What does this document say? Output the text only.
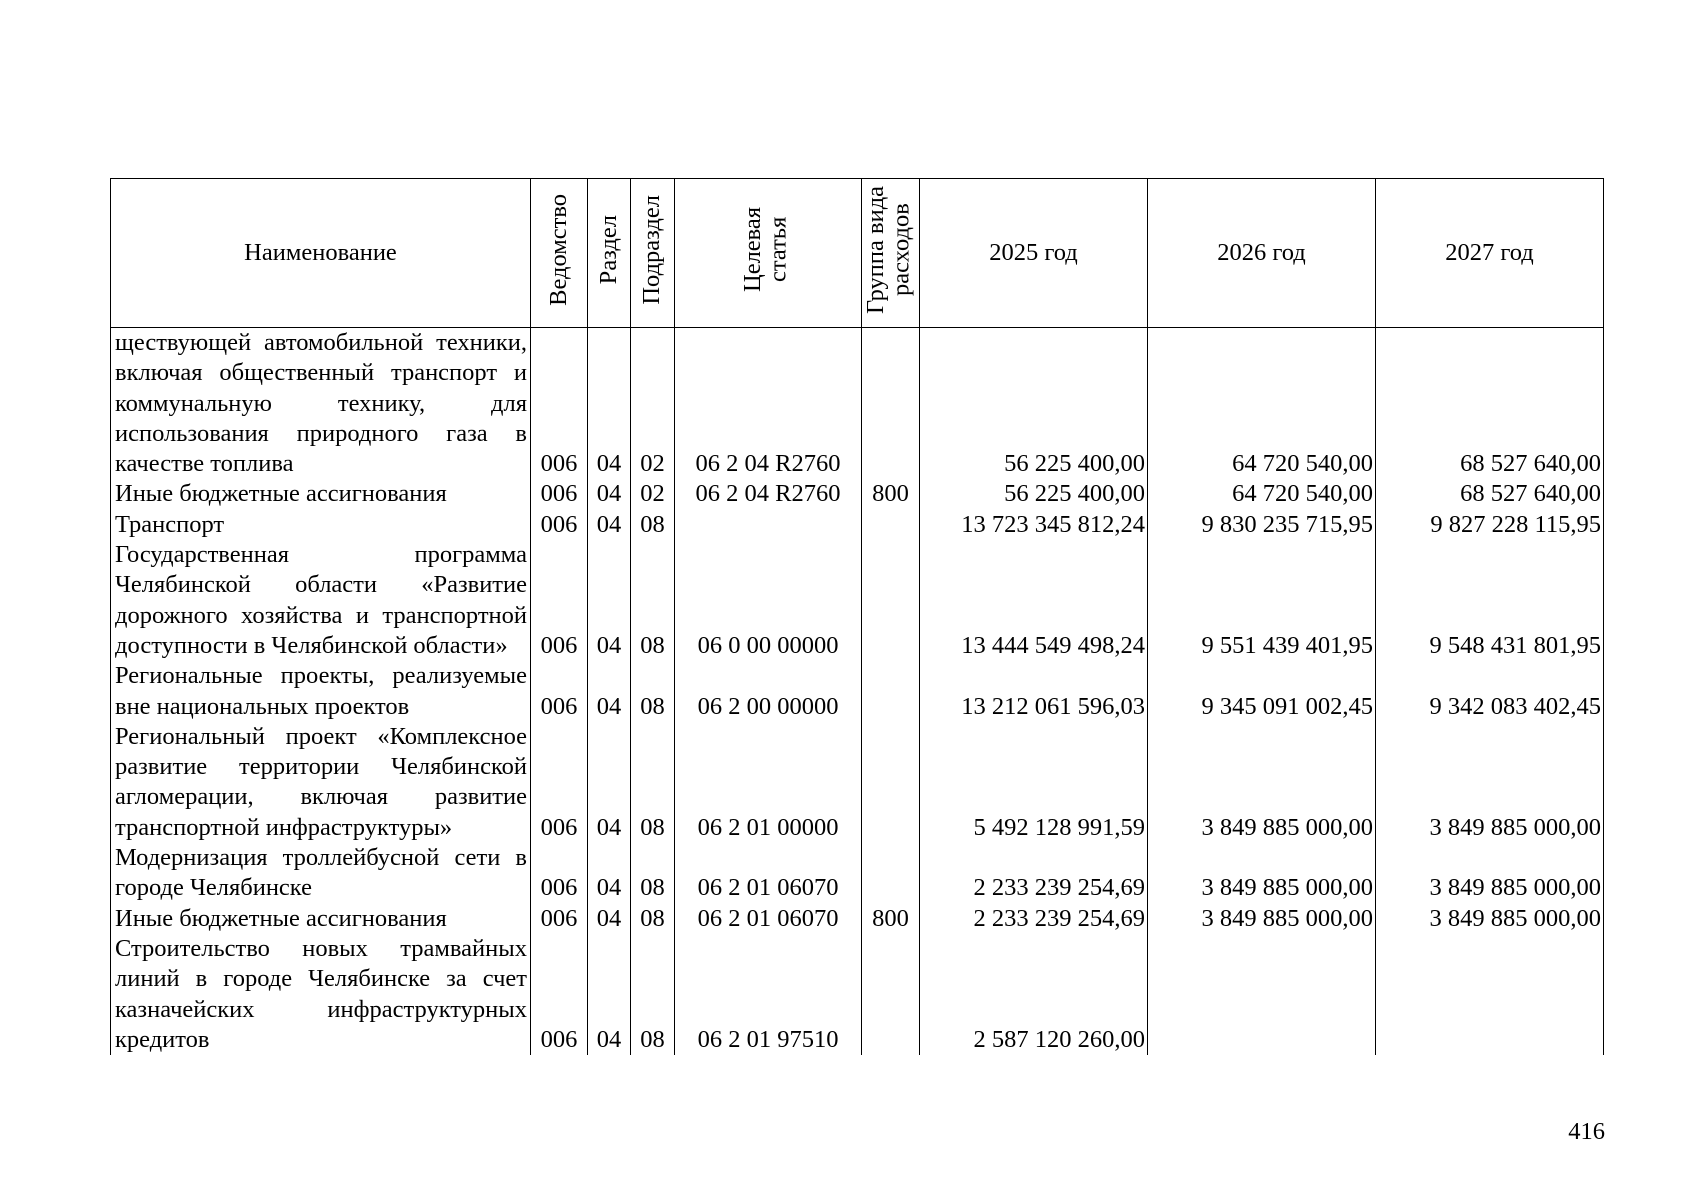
Наименование	Ведомство	Раздел	Подраздел	Целевая статья	Группа вида расходов	2025 год	2026 год	2027 год
ществующей автомобильной техники, включая общественный транспорт и коммунальную технику, для использования природного газа в качестве топлива	006	04	02	06 2 04 R2760		56 225 400,00	64 720 540,00	68 527 640,00
Иные бюджетные ассигнования	006	04	02	06 2 04 R2760	800	56 225 400,00	64 720 540,00	68 527 640,00
Транспорт	006	04	08			13 723 345 812,24	9 830 235 715,95	9 827 228 115,95
Государственная программа Челябинской области «Развитие дорожного хозяйства и транспортной доступности в Челябинской области»	006	04	08	06 0 00 00000		13 444 549 498,24	9 551 439 401,95	9 548 431 801,95
Региональные проекты, реализуемые вне национальных проектов	006	04	08	06 2 00 00000		13 212 061 596,03	9 345 091 002,45	9 342 083 402,45
Региональный проект «Комплексное развитие территории Челябинской агломерации, включая развитие транспортной инфраструктуры»	006	04	08	06 2 01 00000		5 492 128 991,59	3 849 885 000,00	3 849 885 000,00
Модернизация троллейбусной сети в городе Челябинске	006	04	08	06 2 01 06070		2 233 239 254,69	3 849 885 000,00	3 849 885 000,00
Иные бюджетные ассигнования	006	04	08	06 2 01 06070	800	2 233 239 254,69	3 849 885 000,00	3 849 885 000,00
Строительство новых трамвайных линий в городе Челябинске за счет казначейских инфраструктурных кредитов	006	04	08	06 2 01 97510		2 587 120 260,00		
416
